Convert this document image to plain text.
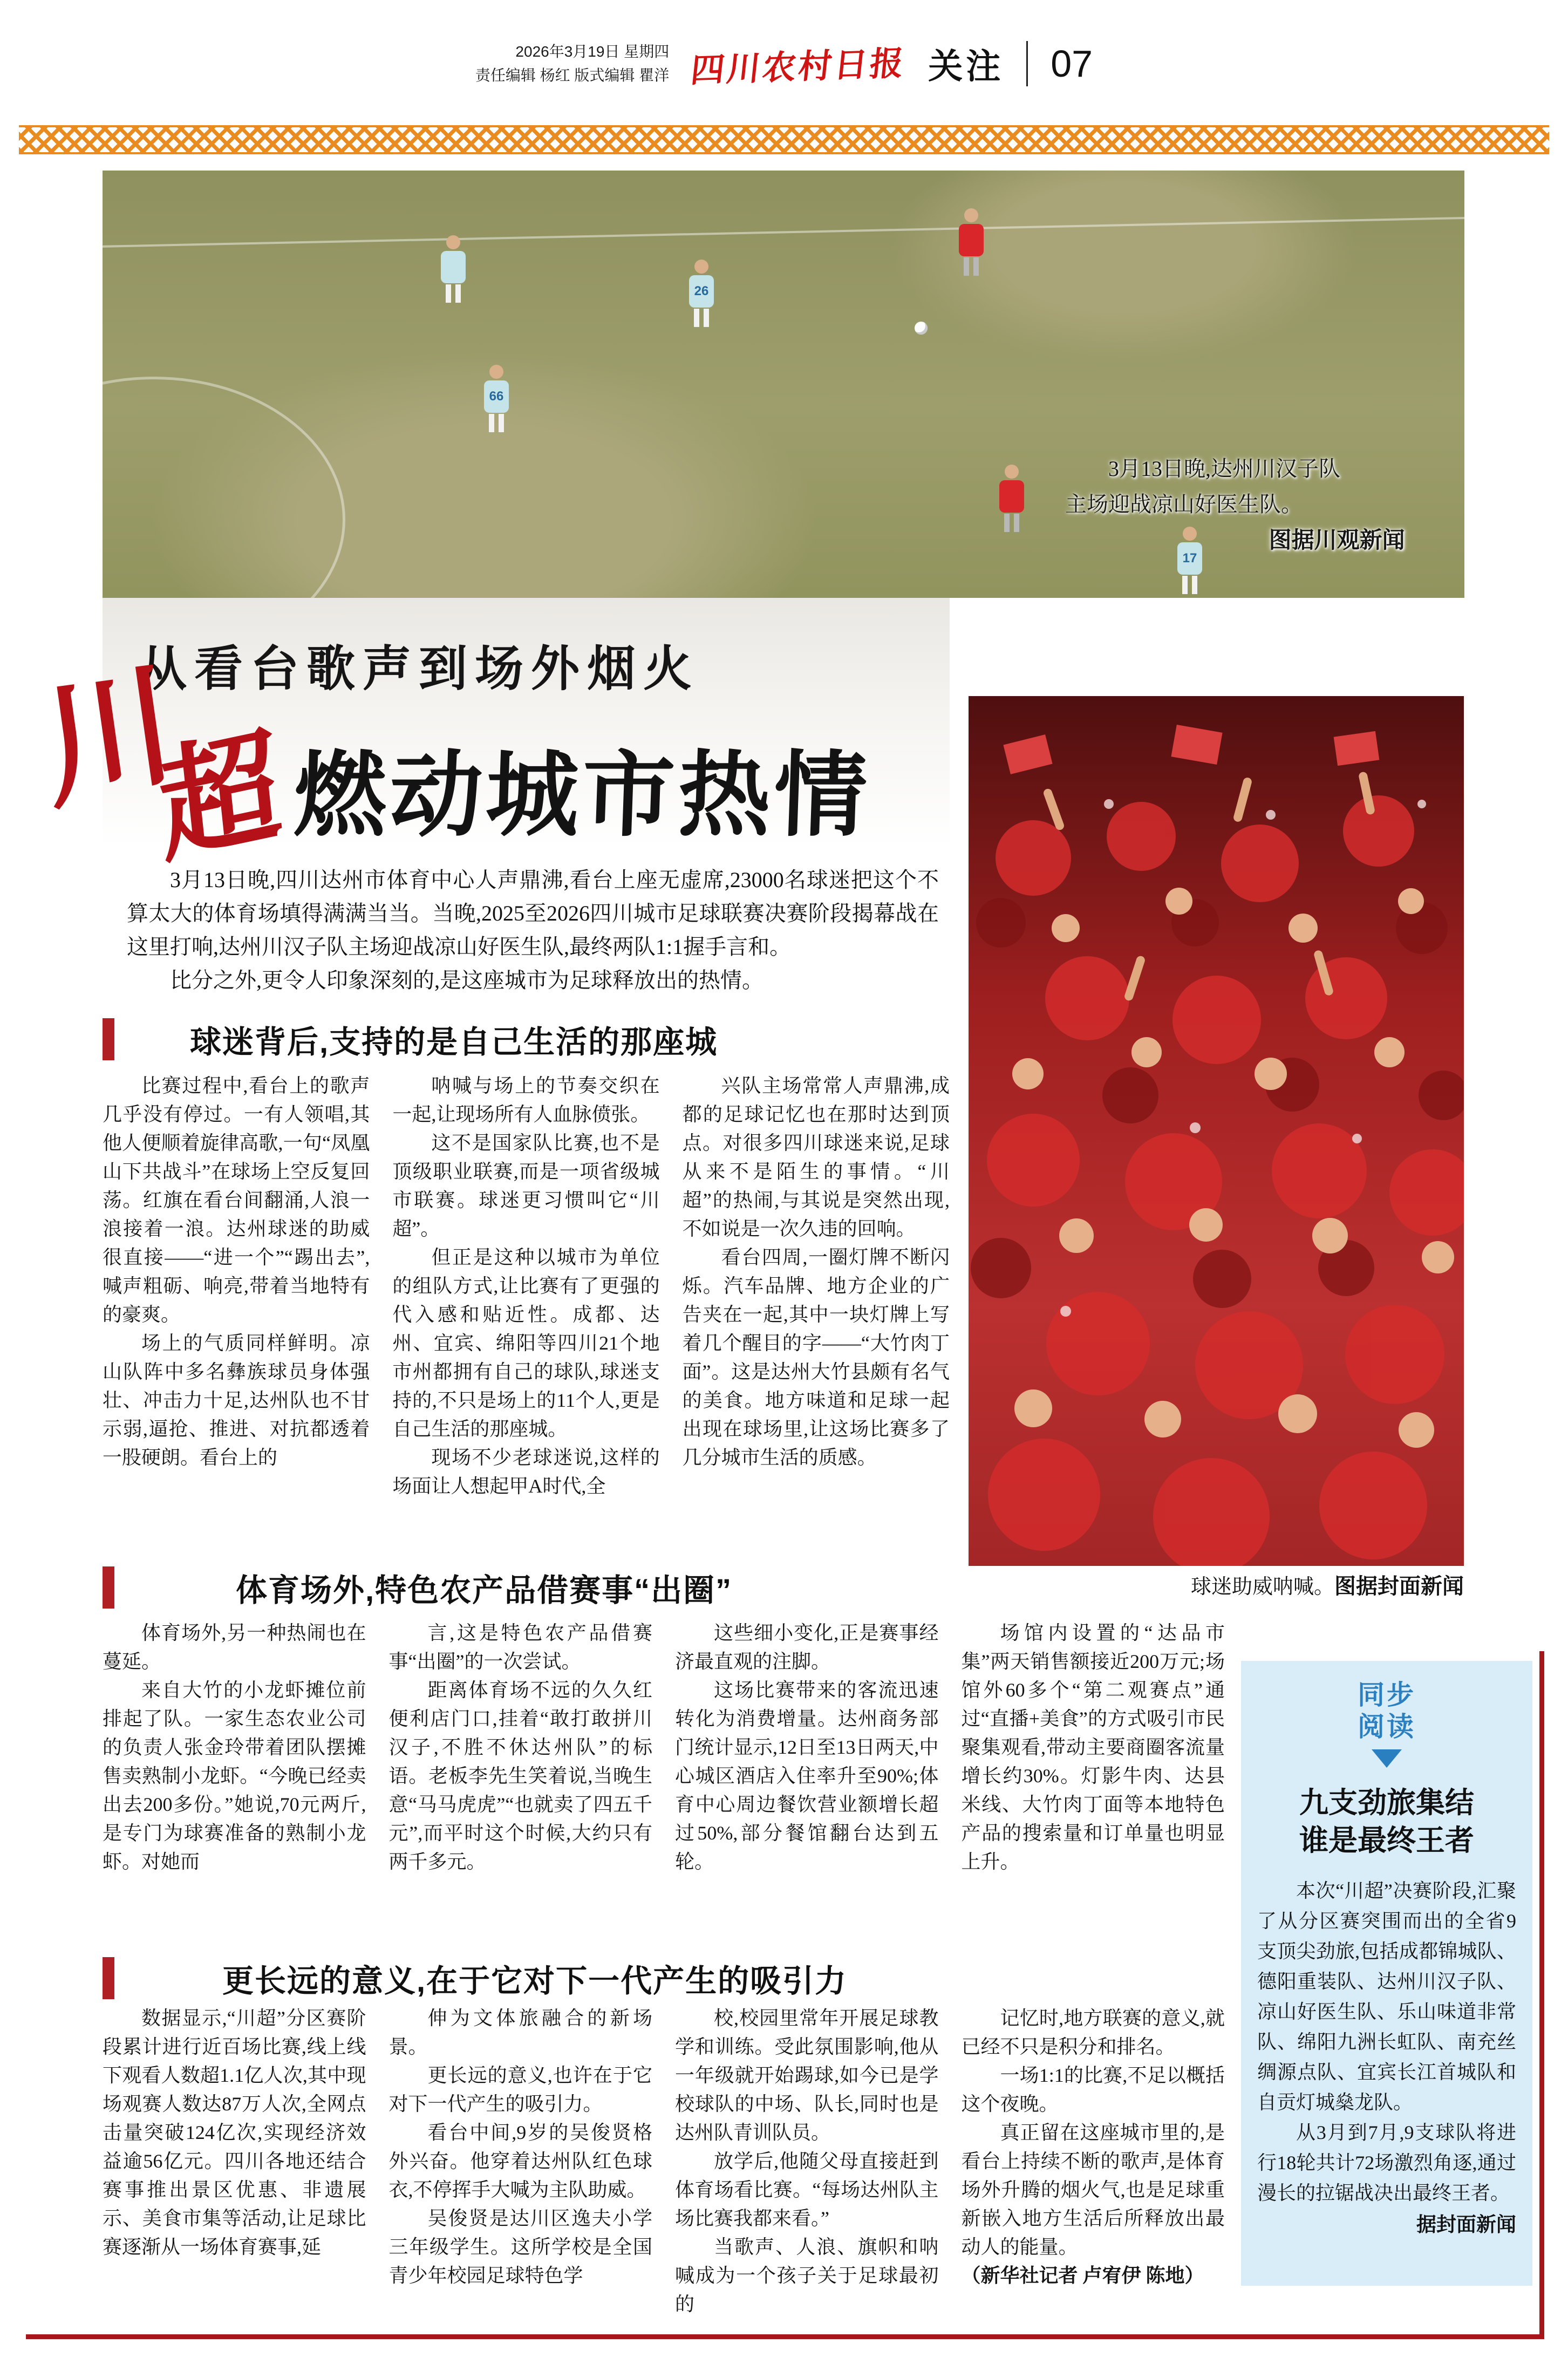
2026年3月19日 星期四
责任编辑 杨红 版式编辑 瞿洋 四川农村日报 关注 07
26
66
17
3月13日晚,达州川汉子队
主场迎战凉山好医生队。
图据川观新闻
从看台歌声到场外烟火
川
超 燃动城市热情

3月13日晚,四川达州市体育中心人声鼎沸,看台上座无虚席,23000名球迷把这个不算太大的体育场填得满满当当。当晚,2025至2026四川城市足球联赛决赛阶段揭幕战在这里打响,达州川汉子队主场迎战凉山好医生队,最终两队1:1握手言和。

比分之外,更令人印象深刻的,是这座城市为足球释放出的热情。

球迷背后,支持的是自己生活的那座城

比赛过程中,看台上的歌声几乎没有停过。一有人领唱,其他人便顺着旋律高歌,一句“凤凰山下共战斗”在球场上空反复回荡。红旗在看台间翻涌,人浪一浪接着一浪。达州球迷的助威很直接——“进一个”“踢出去”,喊声粗砺、响亮,带着当地特有的豪爽。

场上的气质同样鲜明。凉山队阵中多名彝族球员身体强壮、冲击力十足,达州队也不甘示弱,逼抢、推进、对抗都透着一股硬朗。看台上的

呐喊与场上的节奏交织在一起,让现场所有人血脉偾张。

这不是国家队比赛,也不是顶级职业联赛,而是一项省级城市联赛。球迷更习惯叫它“川超”。

但正是这种以城市为单位的组队方式,让比赛有了更强的代入感和贴近性。成都、达州、宜宾、绵阳等四川21个地市州都拥有自己的球队,球迷支持的,不只是场上的11个人,更是自己生活的那座城。

现场不少老球迷说,这样的场面让人想起甲A时代,全

兴队主场常常人声鼎沸,成都的足球记忆也在那时达到顶点。对很多四川球迷来说,足球从来不是陌生的事情。“川超”的热闹,与其说是突然出现,不如说是一次久违的回响。

看台四周,一圈灯牌不断闪烁。汽车品牌、地方企业的广告夹在一起,其中一块灯牌上写着几个醒目的字——“大竹肉丁面”。这是达州大竹县颇有名气的美食。地方味道和足球一起出现在球场里,让这场比赛多了几分城市生活的质感。

球迷助威呐喊。图据封面新闻
体育场外,特色农产品借赛事“出圈”

体育场外,另一种热闹也在蔓延。

来自大竹的小龙虾摊位前排起了队。一家生态农业公司的负责人张金玲带着团队摆摊售卖熟制小龙虾。“今晚已经卖出去200多份。”她说,70元两斤,是专门为球赛准备的熟制小龙虾。对她而

言,这是特色农产品借赛事“出圈”的一次尝试。

距离体育场不远的久久红便利店门口,挂着“敢打敢拼川汉子,不胜不休达州队”的标语。老板李先生笑着说,当晚生意“马马虎虎”“也就卖了四五千元”,而平时这个时候,大约只有两千多元。

这些细小变化,正是赛事经济最直观的注脚。

这场比赛带来的客流迅速转化为消费增量。达州商务部门统计显示,12日至13日两天,中心城区酒店入住率升至90%;体育中心周边餐饮营业额增长超过50%,部分餐馆翻台达到五轮。

场馆内设置的“达品市集”两天销售额接近200万元;场馆外60多个“第二观赛点”通过“直播+美食”的方式吸引市民聚集观看,带动主要商圈客流量增长约30%。灯影牛肉、达县米线、大竹肉丁面等本地特色产品的搜索量和订单量也明显上升。

同步
阅读
九支劲旅集结
谁是最终王者

本次“川超”决赛阶段,汇聚了从分区赛突围而出的全省9支顶尖劲旅,包括成都锦城队、德阳重装队、达州川汉子队、凉山好医生队、乐山味道非常队、绵阳九洲长虹队、南充丝绸源点队、宜宾长江首城队和自贡灯城燊龙队。

从3月到7月,9支球队将进行18轮共计72场激烈角逐,通过漫长的拉锯战决出最终王者。

据封面新闻
更长远的意义,在于它对下一代产生的吸引力

数据显示,“川超”分区赛阶段累计进行近百场比赛,线上线下观看人数超1.1亿人次,其中现场观赛人数达87万人次,全网点击量突破124亿次,实现经济效益逾56亿元。四川各地还结合赛事推出景区优惠、非遗展示、美食市集等活动,让足球比赛逐渐从一场体育赛事,延

伸为文体旅融合的新场景。

更长远的意义,也许在于它对下一代产生的吸引力。

看台中间,9岁的吴俊贤格外兴奋。他穿着达州队红色球衣,不停挥手大喊为主队助威。

吴俊贤是达川区逸夫小学三年级学生。这所学校是全国青少年校园足球特色学

校,校园里常年开展足球教学和训练。受此氛围影响,他从一年级就开始踢球,如今已是学校球队的中场、队长,同时也是达州队青训队员。

放学后,他随父母直接赶到体育场看比赛。“每场达州队主场比赛我都来看。”

当歌声、人浪、旗帜和呐喊成为一个孩子关于足球最初的

记忆时,地方联赛的意义,就已经不只是积分和排名。

一场1:1的比赛,不足以概括这个夜晚。

真正留在这座城市里的,是看台上持续不断的歌声,是体育场外升腾的烟火气,也是足球重新嵌入地方生活后所释放出最动人的能量。

（新华社记者 卢宥伊 陈地）
